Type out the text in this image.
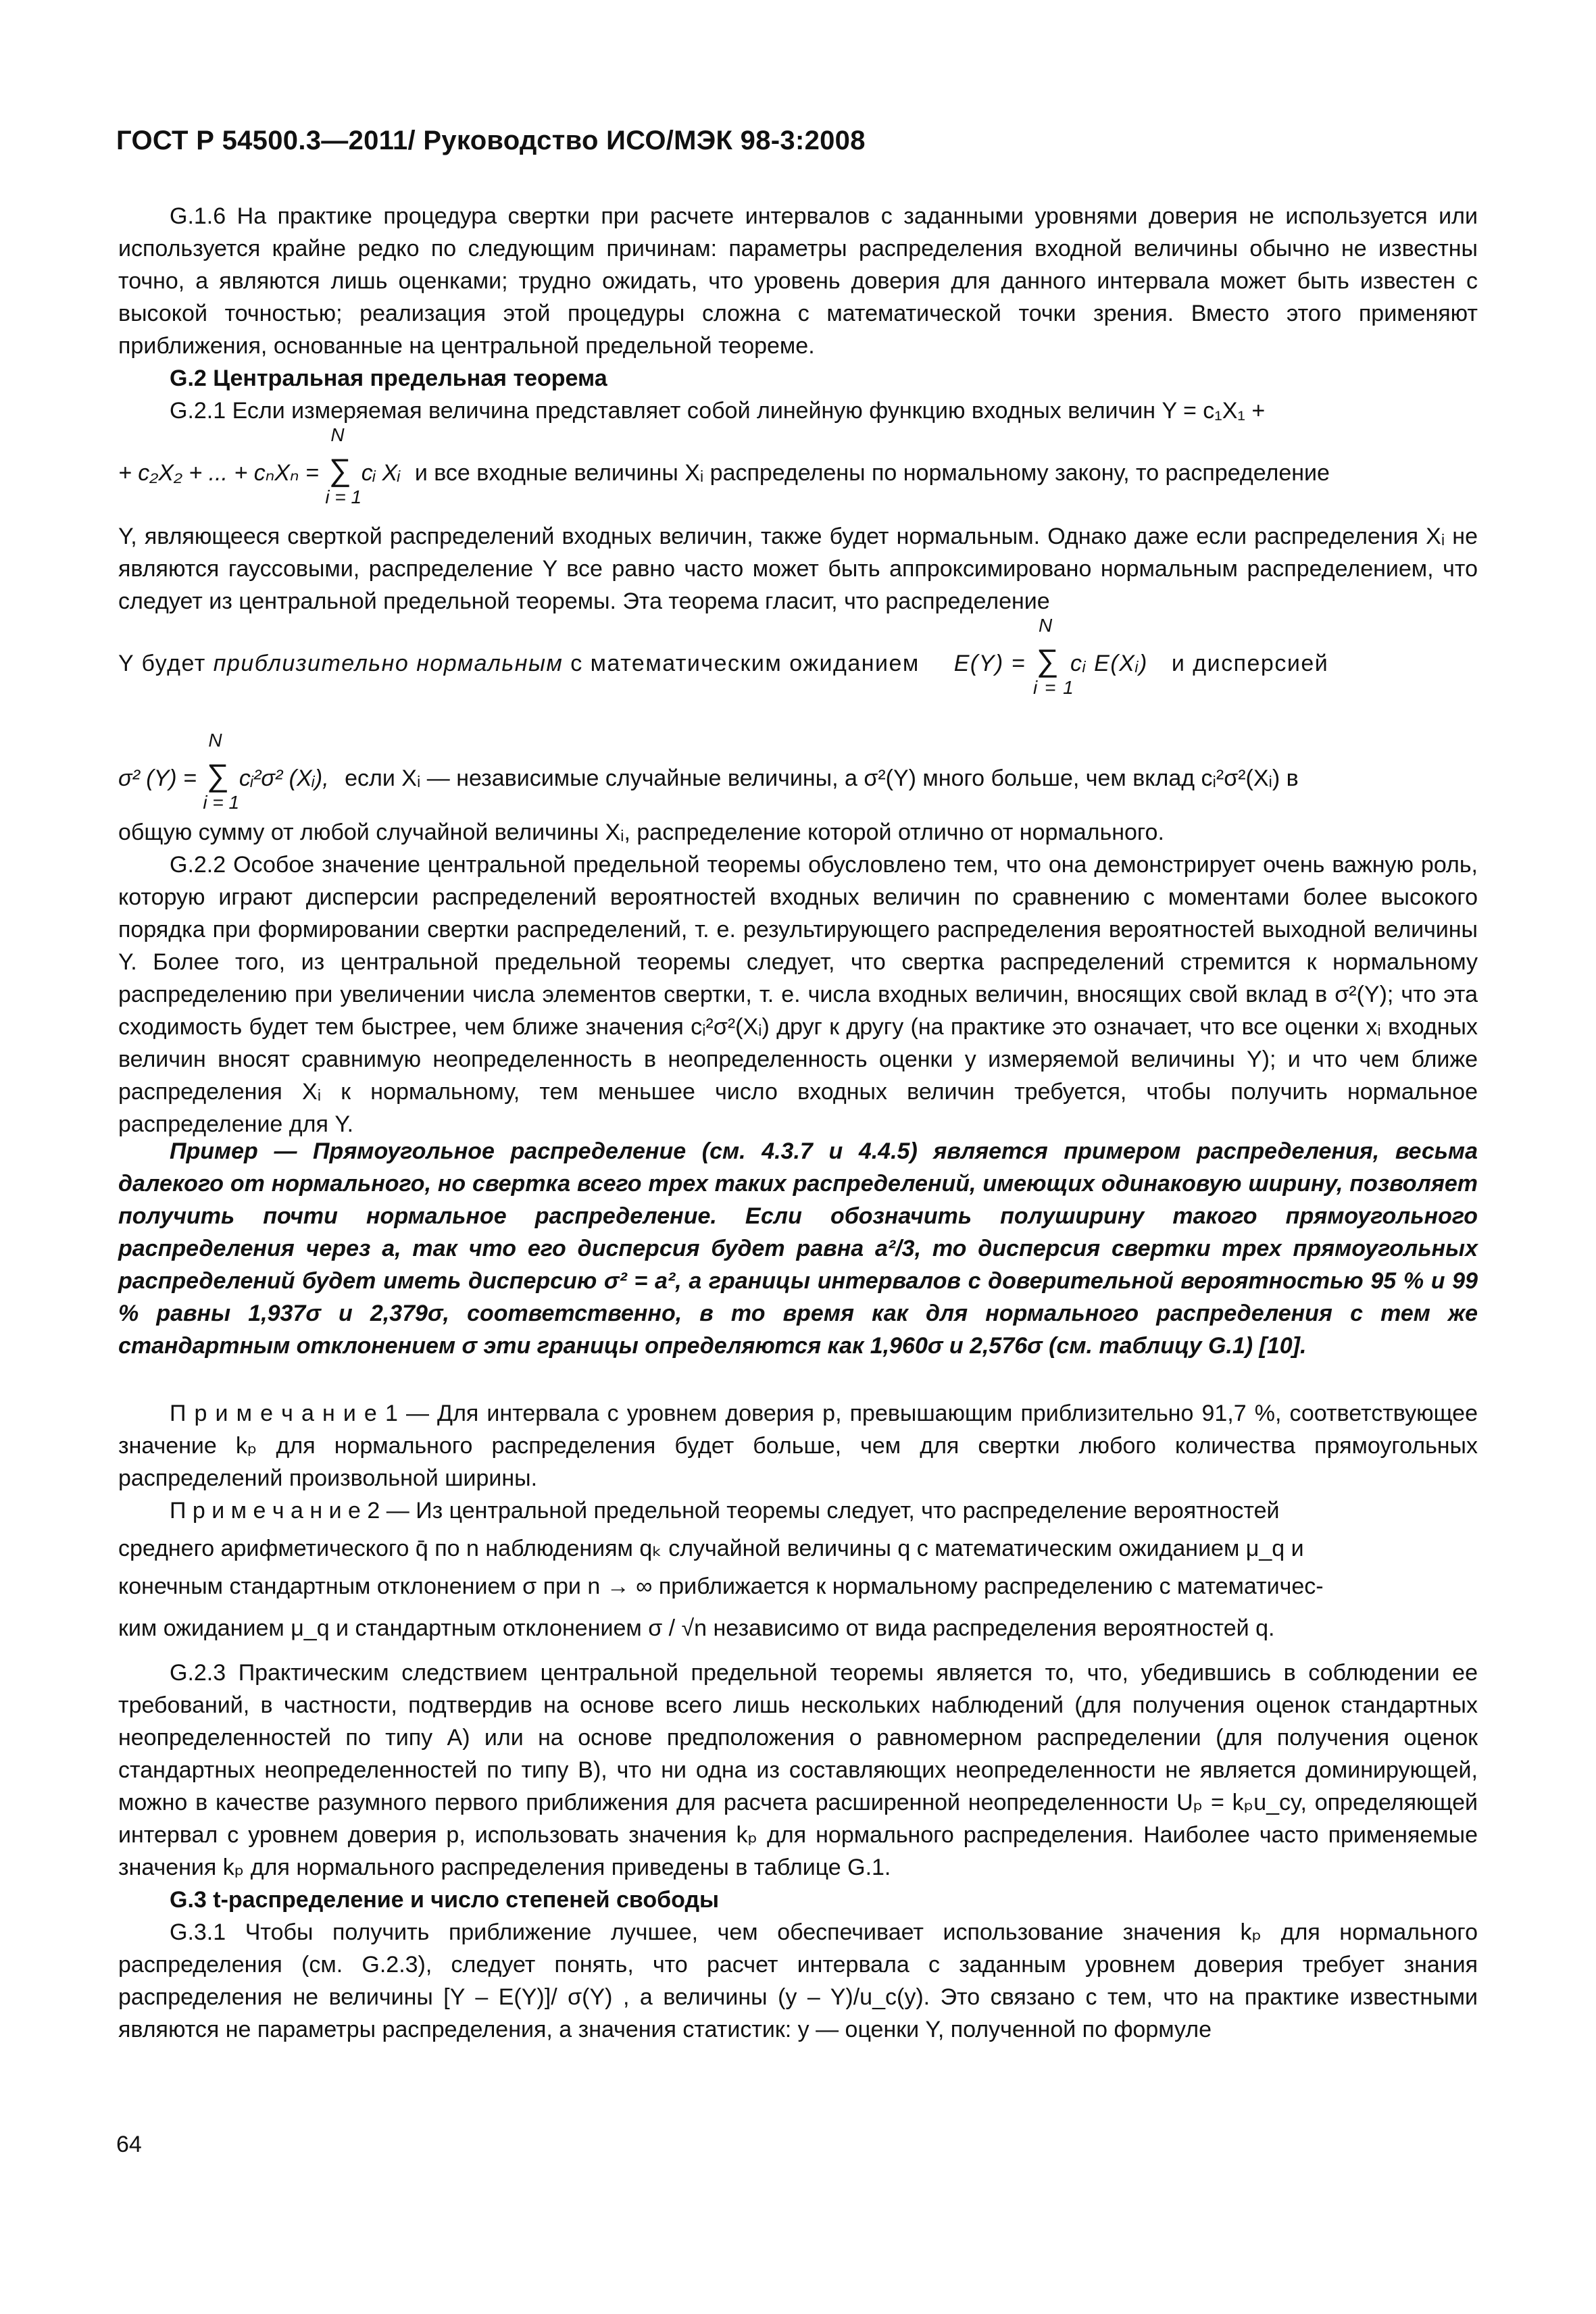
ГОСТ Р 54500.3—2011/ Руководство ИСО/МЭК 98-3:2008

G.1.6 На практике процедура свертки при расчете интервалов с заданными уровнями доверия не используется или используется крайне редко по следующим причинам: параметры распределения входной величины обычно не известны точно, а являются лишь оценками; трудно ожидать, что уровень доверия для данного интервала может быть известен с высокой точностью; реализация этой процедуры сложна с математической точки зрения. Вместо этого применяют приближения, основанные на центральной предельной теореме.

G.2 Центральная предельная теорема

G.2.1 Если измеряемая величина представляет собой линейную функцию входных величин Y = c₁X₁ +

+ c₂X₂ + ... + cₙXₙ = ∑
N
i = 1
cᵢ Xᵢ и все входные величины Xᵢ распределены по нормальному закону, то распределение

Y, являющееся сверткой распределений входных величин, также будет нормальным. Однако даже если распределения Xᵢ не являются гауссовыми, распределение Y все равно часто может быть аппроксимировано нормальным распределением, что следует из центральной предельной теоремы. Эта теорема гласит, что распределение

Y будет приблизительно нормальным с математическим ожиданием E(Y) = ∑
N
i = 1
cᵢ E(Xᵢ) и дисперсией
σ² (Y) = ∑
N
i = 1
cᵢ²σ² (Xᵢ), если Xᵢ — независимые случайные величины, а σ²(Y) много больше, чем вклад cᵢ²σ²(Xᵢ) в

общую сумму от любой случайной величины Xᵢ, распределение которой отлично от нормального.

G.2.2 Особое значение центральной предельной теоремы обусловлено тем, что она демонстрирует очень важную роль, которую играют дисперсии распределений вероятностей входных величин по сравнению с моментами более высокого порядка при формировании свертки распределений, т. е. результирующего распределения вероятностей выходной величины Y. Более того, из центральной предельной теоремы следует, что свертка распределений стремится к нормальному распределению при увеличении числа элементов свертки, т. е. числа входных величин, вносящих свой вклад в σ²(Y); что эта сходимость будет тем быстрее, чем ближе значения cᵢ²σ²(Xᵢ) друг к другу (на практике это означает, что все оценки xᵢ входных величин вносят сравнимую неопределенность в неопределенность оценки y измеряемой величины Y); и что чем ближе распределения Xᵢ к нормальному, тем меньшее число входных величин требуется, чтобы получить нормальное распределение для Y.

Пример — Прямоугольное распределение (см. 4.3.7 и 4.4.5) является примером распределения, весьма далекого от нормального, но свертка всего трех таких распределений, имеющих одинаковую ширину, позволяет получить почти нормальное распределение. Если обозначить полуширину такого прямоугольного распределения через a, так что его дисперсия будет равна a²/3, то дисперсия свертки трех прямоугольных распределений будет иметь дисперсию σ² = a², а границы интервалов с доверительной вероятностью 95 % и 99 % равны 1,937σ и 2,379σ, соответственно, в то время как для нормального распределения с тем же стандартным отклонением σ эти границы определяются как 1,960σ и 2,576σ (см. таблицу G.1) [10].

П р и м е ч а н и е 1 — Для интервала с уровнем доверия p, превышающим приблизительно 91,7 %, соответствующее значение kₚ для нормального распределения будет больше, чем для свертки любого количества прямоугольных распределений произвольной ширины.

П р и м е ч а н и е 2 — Из центральной предельной теоремы следует, что распределение вероятностей

среднего арифметического q̄ по n наблюдениям qₖ случайной величины q с математическим ожиданием μ_q и

конечным стандартным отклонением σ при n → ∞ приближается к нормальному распределению с математичес-

ким ожиданием μ_q и стандартным отклонением σ / √n независимо от вида распределения вероятностей q.

G.2.3 Практическим следствием центральной предельной теоремы является то, что, убедившись в соблюдении ее требований, в частности, подтвердив на основе всего лишь нескольких наблюдений (для получения оценок стандартных неопределенностей по типу А) или на основе предположения о равномерном распределении (для получения оценок стандартных неопределенностей по типу В), что ни одна из составляющих неопределенности не является доминирующей, можно в качестве разумного первого приближения для расчета расширенной неопределенности Uₚ = kₚu_cy, определяющей интервал с уровнем доверия p, использовать значения kₚ для нормального распределения. Наиболее часто применяемые значения kₚ для нормального распределения приведены в таблице G.1.

G.3 t-распределение и число степеней свободы

G.3.1 Чтобы получить приближение лучшее, чем обеспечивает использование значения kₚ для нормального распределения (см. G.2.3), следует понять, что расчет интервала с заданным уровнем доверия требует знания распределения не величины [Y – E(Y)]/ σ(Y) , а величины (y – Y)/u_c(y). Это связано с тем, что на практике известными являются не параметры распределения, а значения статистик: y — оценки Y, полученной по формуле

64
